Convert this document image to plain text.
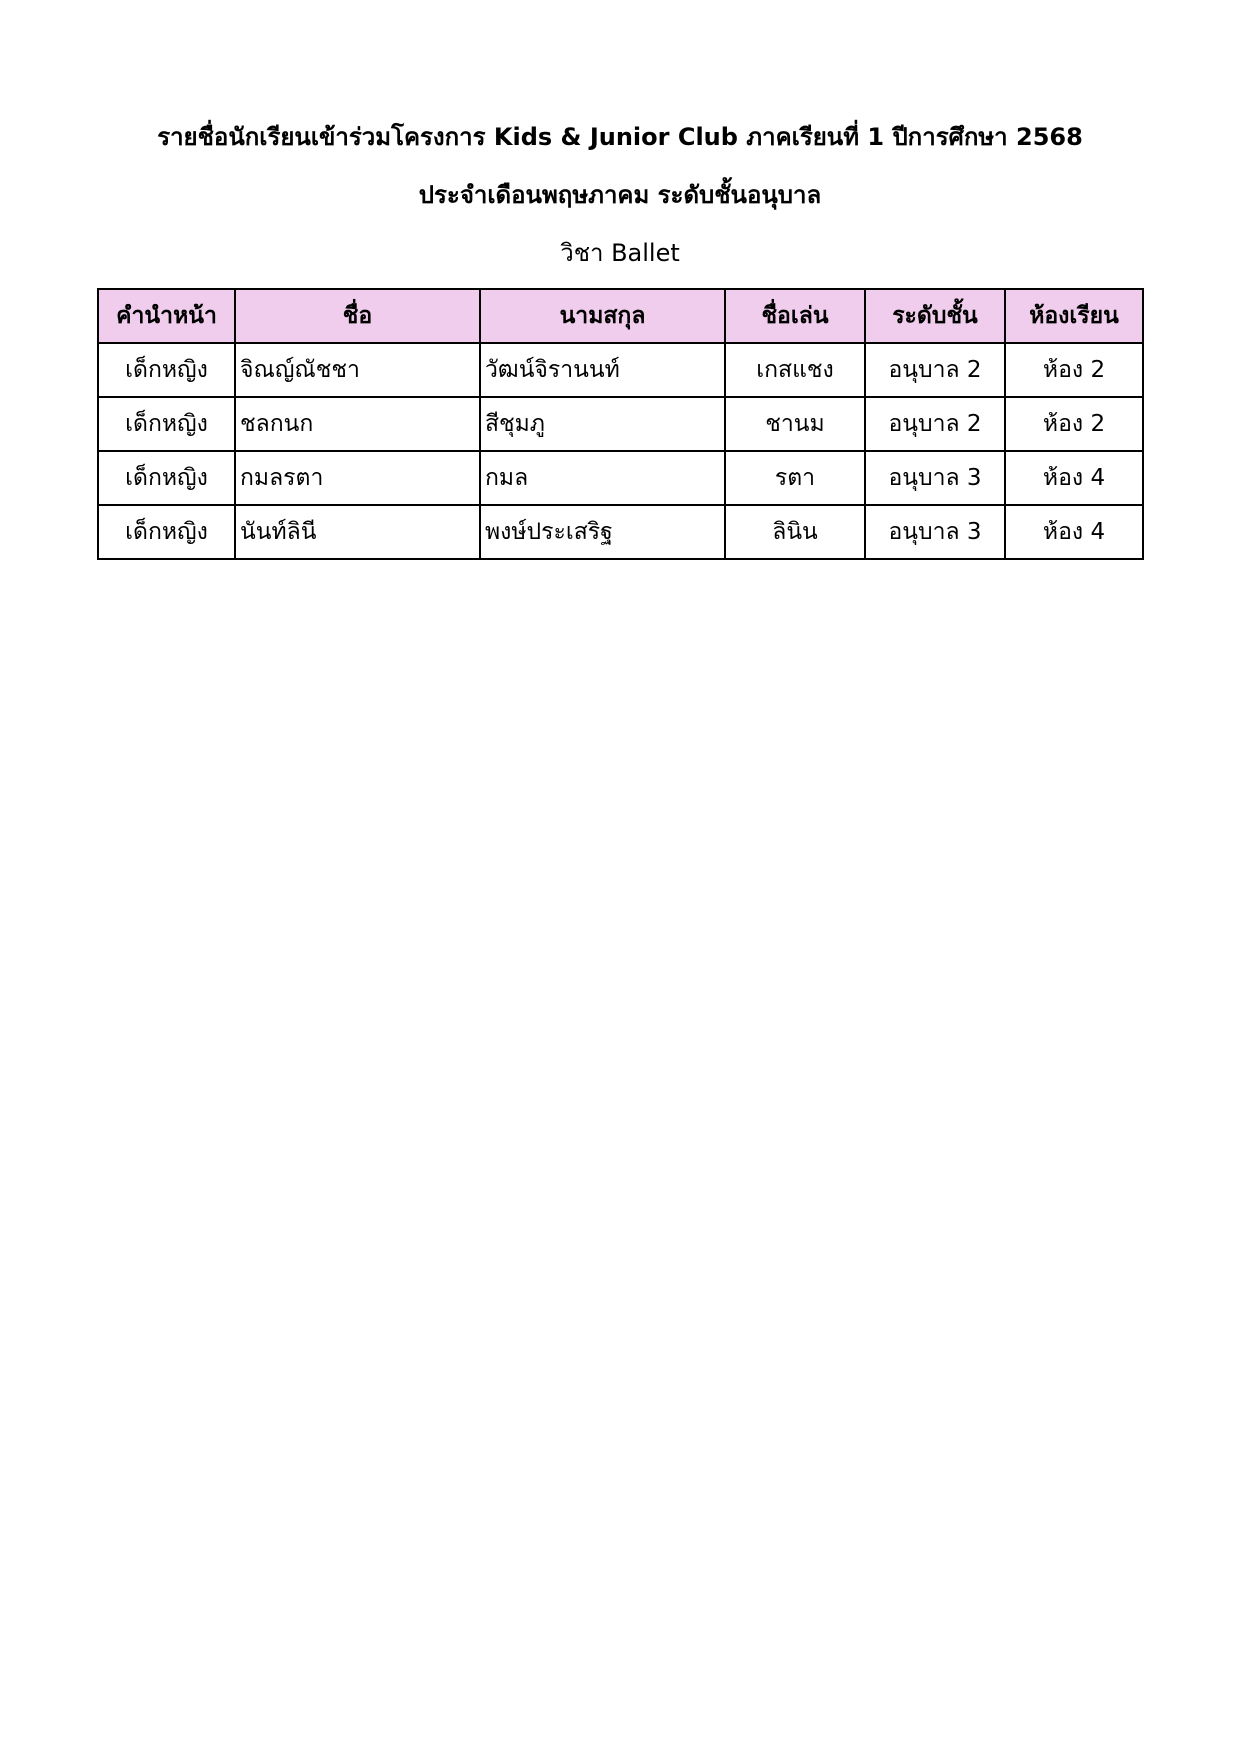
รายชื่อนักเรียนเข้าร่วมโครงการ Kids & Junior Club ภาคเรียนที่ 1 ปีการศึกษา 2568
ประจำเดือนพฤษภาคม ระดับชั้นอนุบาล
วิชา Ballet
คำนำหน้า	ชื่อ	นามสกุล	ชื่อเล่น	ระดับชั้น	ห้องเรียน
เด็กหญิง	จิณญ์ณัชชา	วัฒน์จิรานนท์	เกสแชง	อนุบาล 2	ห้อง 2
เด็กหญิง	ชลกนก	สีชุมภู	ชานม	อนุบาล 2	ห้อง 2
เด็กหญิง	กมลรตา	กมล	รตา	อนุบาล 3	ห้อง 4
เด็กหญิง	นันท์ลินี	พงษ์ประเสริฐ	ลินิน	อนุบาล 3	ห้อง 4
